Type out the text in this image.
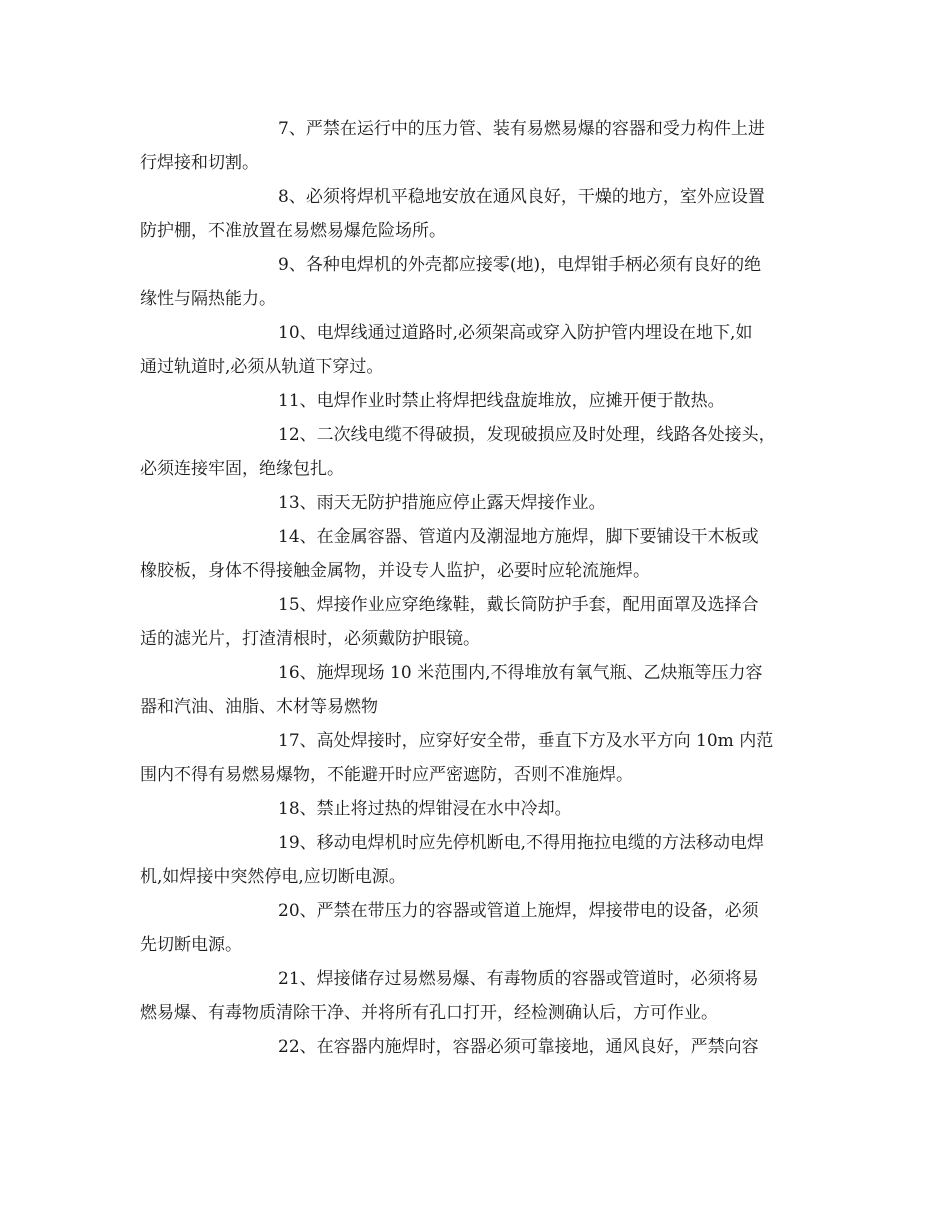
7、严禁在运行中的压力管、装有易燃易爆的容器和受力构件上进
行焊接和切割。
8、必须将焊机平稳地安放在通风良好，干燥的地方，室外应设置
防护棚，不准放置在易燃易爆危险场所。
9、各种电焊机的外壳都应接零(地)，电焊钳手柄必须有良好的绝
缘性与隔热能力。
10、电焊线通过道路时,必须架高或穿入防护管内埋设在地下,如
通过轨道时,必须从轨道下穿过。
11、电焊作业时禁止将焊把线盘旋堆放，应摊开便于散热。
12、二次线电缆不得破损，发现破损应及时处理，线路各处接头，
必须连接牢固，绝缘包扎。
13、雨天无防护措施应停止露天焊接作业。
14、在金属容器、管道内及潮湿地方施焊，脚下要铺设干木板或
橡胶板，身体不得接触金属物，并设专人监护，必要时应轮流施焊。
15、焊接作业应穿绝缘鞋，戴长筒防护手套，配用面罩及选择合
适的滤光片，打渣清根时，必须戴防护眼镜。
16、施焊现场 10 米范围内,不得堆放有氧气瓶、乙炔瓶等压力容
器和汽油、油脂、木材等易燃物
17、高处焊接时，应穿好安全带，垂直下方及水平方向 10m 内范
围内不得有易燃易爆物，不能避开时应严密遮防，否则不准施焊。
18、禁止将过热的焊钳浸在水中冷却。
19、移动电焊机时应先停机断电,不得用拖拉电缆的方法移动电焊
机,如焊接中突然停电,应切断电源。
20、严禁在带压力的容器或管道上施焊，焊接带电的设备，必须
先切断电源。
21、焊接储存过易燃易爆、有毒物质的容器或管道时，必须将易
燃易爆、有毒物质清除干净、并将所有孔口打开，经检测确认后，方可作业。
22、在容器内施焊时，容器必须可靠接地，通风良好，严禁向容
